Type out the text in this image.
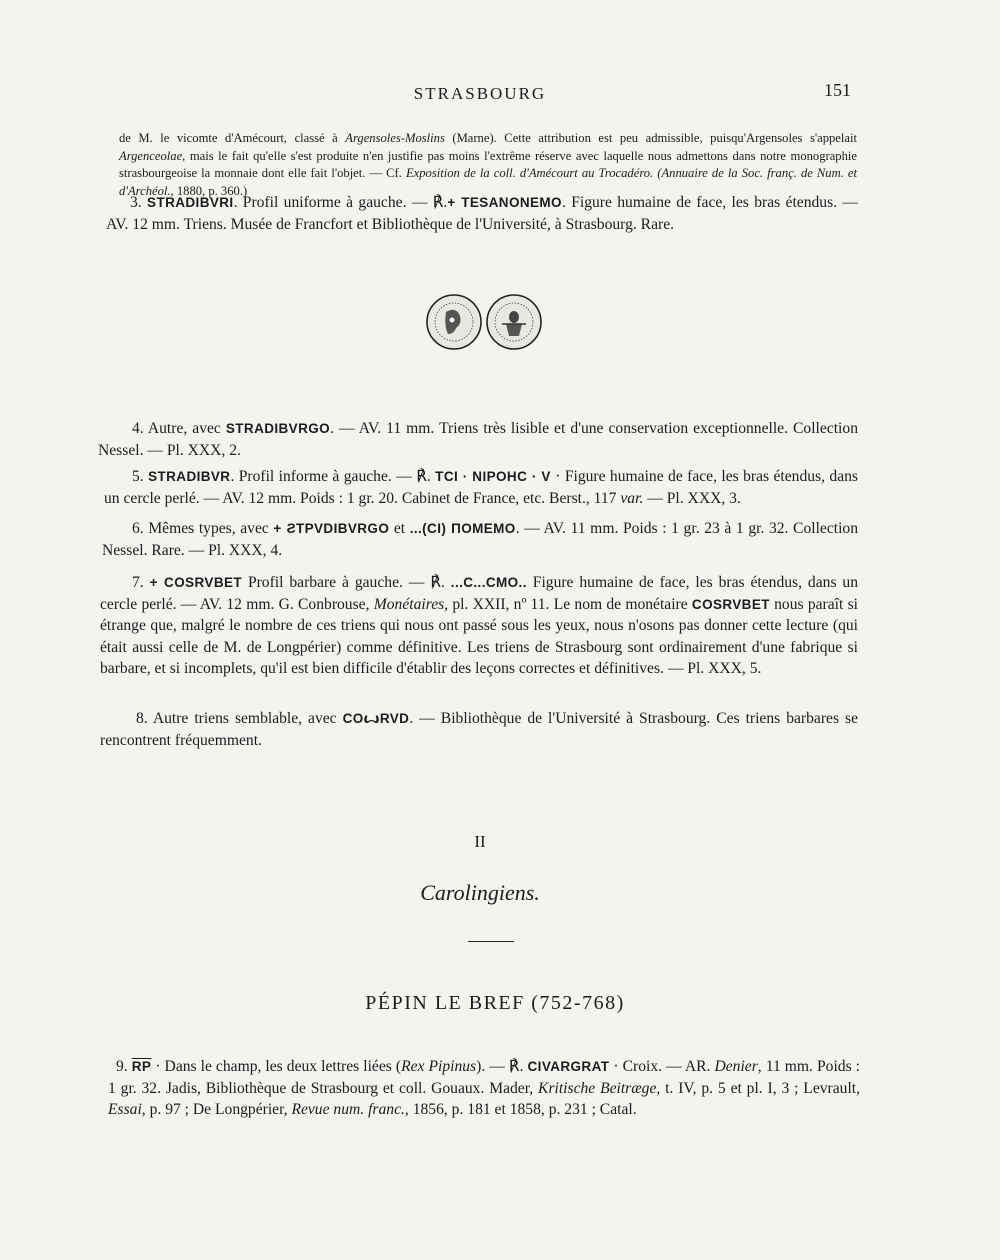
STRASBOURG	151
de M. le vicomte d'Amécourt, classé à Argensoles-Moslins (Marne). Cette attribution est peu admissible, puisqu'Argensoles s'appelait Argenceolae, mais le fait qu'elle s'est produite n'en justifie pas moins l'extrême réserve avec laquelle nous admettons dans notre monographie strasbourgeoise la monnaie dont elle fait l'objet. — Cf. Exposition de la coll. d'Amécourt au Trocadéro. (Annuaire de la Soc. franç. de Num. et d'Archéol., 1880, p. 360.)
3. STRADIBVRI. Profil uniforme à gauche. — ℟.+ TESANONEMO. Figure humaine de face, les bras étendus. — AV. 12 mm. Triens. Musée de Francfort et Bibliothèque de l'Université, à Strasbourg. Rare.
4. Autre, avec STRADIBVRGO. — AV. 11 mm. Triens très lisible et d'une conservation exceptionnelle. Collection Nessel. — Pl. XXX, 2.
5. STRADIBVR. Profil informe à gauche. — ℟. TCI · NIPOHC · V · Figure humaine de face, les bras étendus, dans un cercle perlé. — AV. 12 mm. Poids : 1 gr. 20. Cabinet de France, etc. Berst., 117 var. — Pl. XXX, 3.
6. Mêmes types, avec + ƧTPVDIBVRGO et ...(CI) ПOMEMO. — AV. 11 mm. Poids : 1 gr. 23 à 1 gr. 32. Collection Nessel. Rare. — Pl. XXX, 4.
7. + COSRVBET Profil barbare à gauche. — ℟. ...C...CMO.. Figure humaine de face, les bras étendus, dans un cercle perlé. — AV. 12 mm. G. Conbrouse, Monétaires, pl. XXII, nº 11. Le nom de monétaire COSRVBET nous paraît si étrange que, malgré le nombre de ces triens qui nous ont passé sous les yeux, nous n'osons pas donner cette lecture (qui était aussi celle de M. de Longpérier) comme définitive. Les triens de Strasbourg sont ordinairement d'une fabrique si barbare, et si incomplets, qu'il est bien difficile d'établir des leçons correctes et définitives. — Pl. XXX, 5.
8. Autre triens semblable, avec COꙍRVD. — Bibliothèque de l'Université à Strasbourg. Ces triens barbares se rencontrent fréquemment.
II
Carolingiens.
PÉPIN LE BREF (752-768)
9. $\overline{RP}$ · Dans le champ, les deux lettres liées (Rex Pipinus). — ℟. CIVARGRAT · Croix. — AR. Denier, 11 mm. Poids : 1 gr. 32. Jadis, Bibliothèque de Strasbourg et coll. Gouaux. Mader, Kritische Beitræge, t. IV, p. 5 et pl. I, 3 ; Levrault, Essai, p. 97 ; De Longpérier, Revue num. franc., 1856, p. 181 et 1858, p. 231 ; Catal.
